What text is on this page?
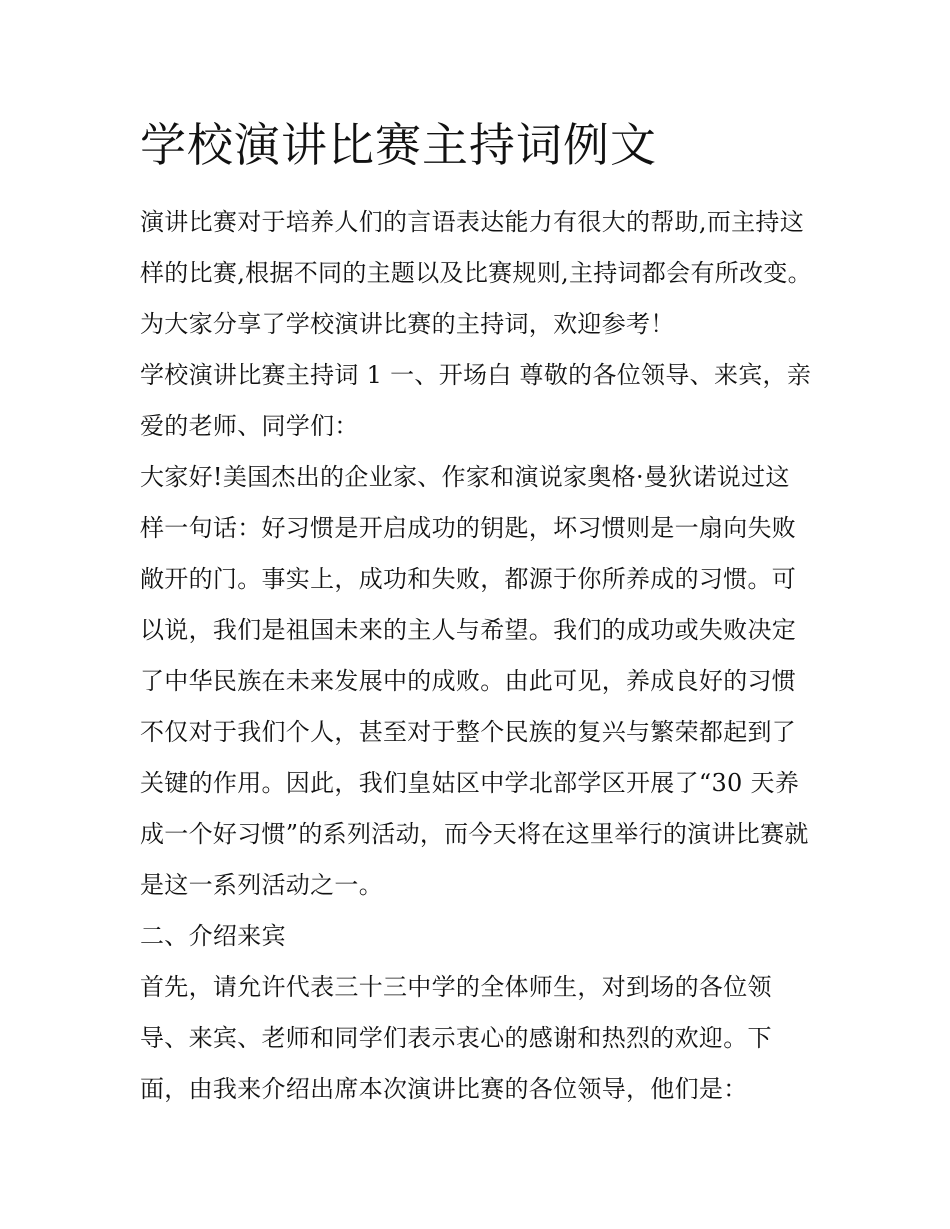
学校演讲比赛主持词例文

演讲比赛对于培养人们的言语表达能力有很大的帮助,而主持这样的比赛,根据不同的主题以及比赛规则,主持词都会有所改变。为大家分享了学校演讲比赛的主持词，欢迎参考！

学校演讲比赛主持词 1 一、开场白 尊敬的各位领导、来宾，亲爱的老师、同学们：

大家好!美国杰出的企业家、作家和演说家奥格·曼狄诺说过这样一句话：好习惯是开启成功的钥匙，坏习惯则是一扇向失败敞开的门。事实上，成功和失败，都源于你所养成的习惯。可以说，我们是祖国未来的主人与希望。我们的成功或失败决定了中华民族在未来发展中的成败。由此可见，养成良好的习惯不仅对于我们个人，甚至对于整个民族的复兴与繁荣都起到了关键的作用。因此，我们皇姑区中学北部学区开展了“30 天养成一个好习惯”的系列活动，而今天将在这里举行的演讲比赛就是这一系列活动之一。

二、介绍来宾

首先，请允许代表三十三中学的全体师生，对到场的各位领导、来宾、老师和同学们表示衷心的感谢和热烈的欢迎。下面，由我来介绍出席本次演讲比赛的各位领导，他们是：
